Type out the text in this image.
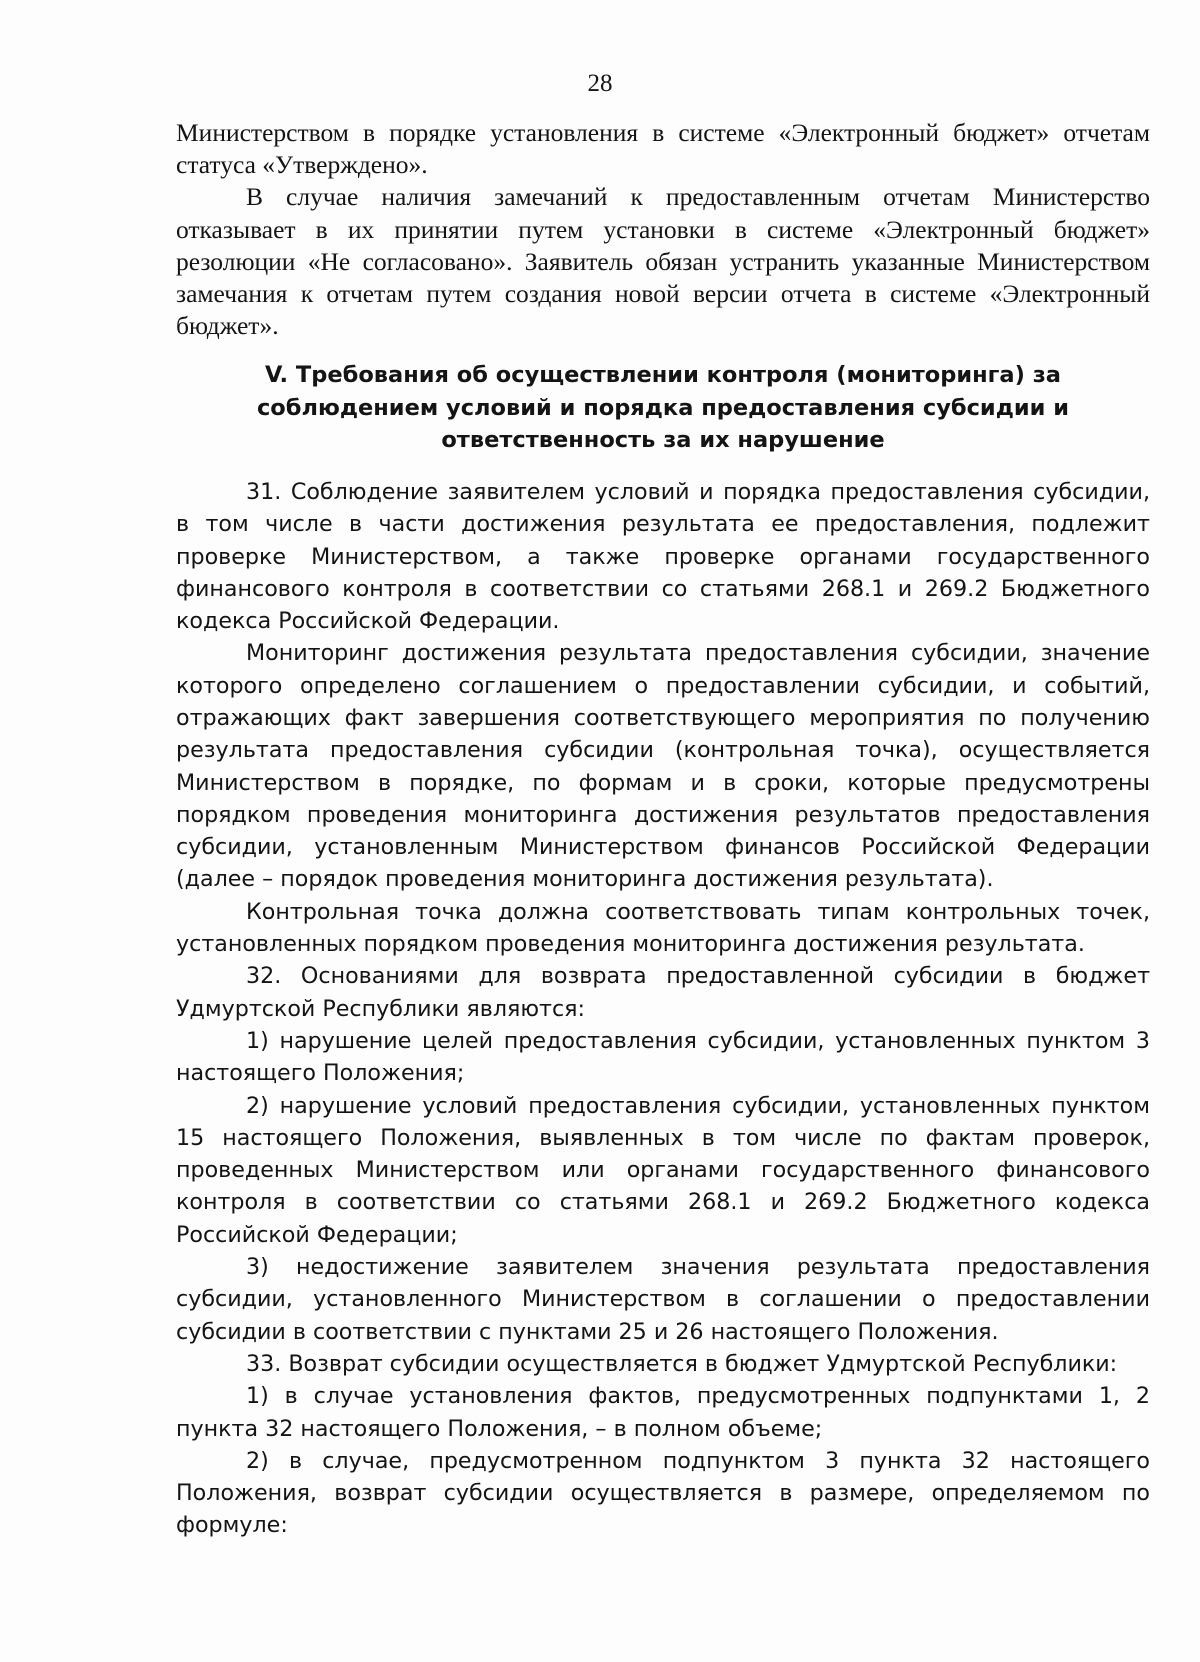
28

Министерством в порядке установления в системе «Электронный бюджет» отчетам статуса «Утверждено».

В случае наличия замечаний к предоставленным отчетам Министерство отказывает в их принятии путем установки в системе «Электронный бюджет» резолюции «Не согласовано». Заявитель обязан устранить указанные Министерством замечания к отчетам путем создания новой версии отчета в системе «Электронный бюджет».

V. Требования об осуществлении контроля (мониторинга) за соблюдением условий и порядка предоставления субсидии и ответственность за их нарушение

31. Соблюдение заявителем условий и порядка предоставления субсидии, в том числе в части достижения результата ее предоставления, подлежит проверке Министерством, а также проверке органами государственного финансового контроля в соответствии со статьями 268.1 и 269.2 Бюджетного кодекса Российской Федерации.

Мониторинг достижения результата предоставления субсидии, значение которого определено соглашением о предоставлении субсидии, и событий, отражающих факт завершения соответствующего мероприятия по получению результата предоставления субсидии (контрольная точка), осуществляется Министерством в порядке, по формам и в сроки, которые предусмотрены порядком проведения мониторинга достижения результатов предоставления субсидии, установленным Министерством финансов Российской Федерации (далее – порядок проведения мониторинга достижения результата).

Контрольная точка должна соответствовать типам контрольных точек, установленных порядком проведения мониторинга достижения результата.

32. Основаниями для возврата предоставленной субсидии в бюджет Удмуртской Республики являются:

1) нарушение целей предоставления субсидии, установленных пунктом 3 настоящего Положения;

2) нарушение условий предоставления субсидии, установленных пунктом 15 настоящего Положения, выявленных в том числе по фактам проверок, проведенных Министерством или органами государственного финансового контроля в соответствии со статьями 268.1 и 269.2 Бюджетного кодекса Российской Федерации;

3) недостижение заявителем значения результата предоставления субсидии, установленного Министерством в соглашении о предоставлении субсидии в соответствии с пунктами 25 и 26 настоящего Положения.

33. Возврат субсидии осуществляется в бюджет Удмуртской Республики:

1) в случае установления фактов, предусмотренных подпунктами 1, 2 пункта 32 настоящего Положения, – в полном объеме;

2) в случае, предусмотренном подпунктом 3 пункта 32 настоящего Положения, возврат субсидии осуществляется в размере, определяемом по формуле:
